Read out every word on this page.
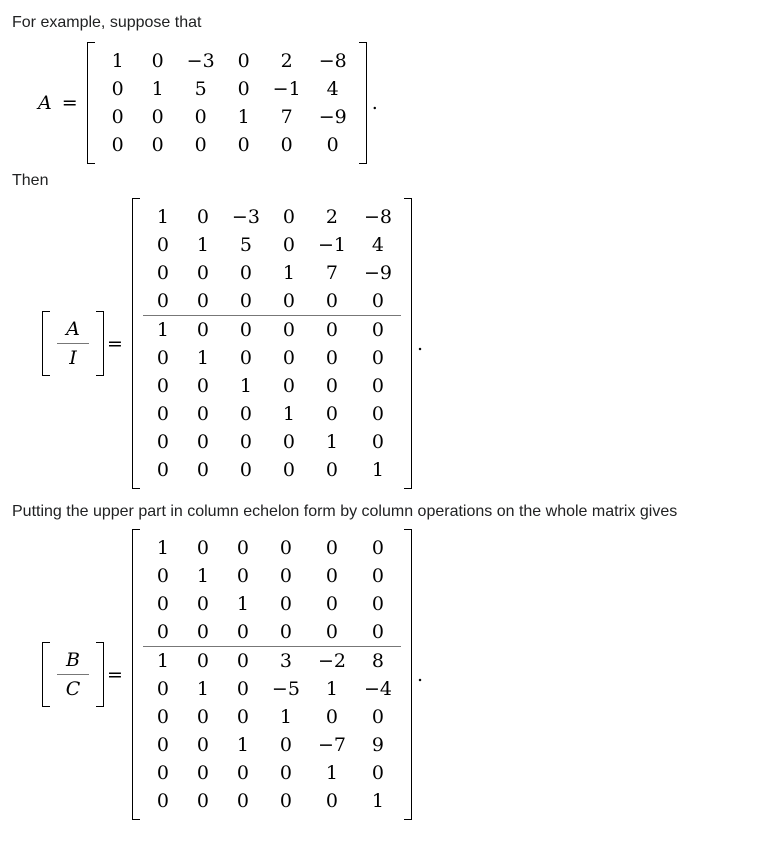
For example, suppose that

A =
1	0	−3	0	2	−8
0	1	5	0	−1	4
0	0	0	1	7	−9
0	0	0	0	0	0
.

Then

$\frac{A}{I}$ =
1	0	−3	0	2	−8
0	1	5	0	−1	4
0	0	0	1	7	−9
0	0	0	0	0	0
1	0	0	0	0	0
0	1	0	0	0	0
0	0	1	0	0	0
0	0	0	1	0	0
0	0	0	0	1	0
0	0	0	0	0	1
.

Putting the upper part in column echelon form by column operations on the whole matrix gives

$\frac{B}{C}$ =
1	0	0	0	0	0
0	1	0	0	0	0
0	0	1	0	0	0
0	0	0	0	0	0
1	0	0	3	−2	8
0	1	0	−5	1	−4
0	0	0	1	0	0
0	0	1	0	−7	9
0	0	0	0	1	0
0	0	0	0	0	1
.
